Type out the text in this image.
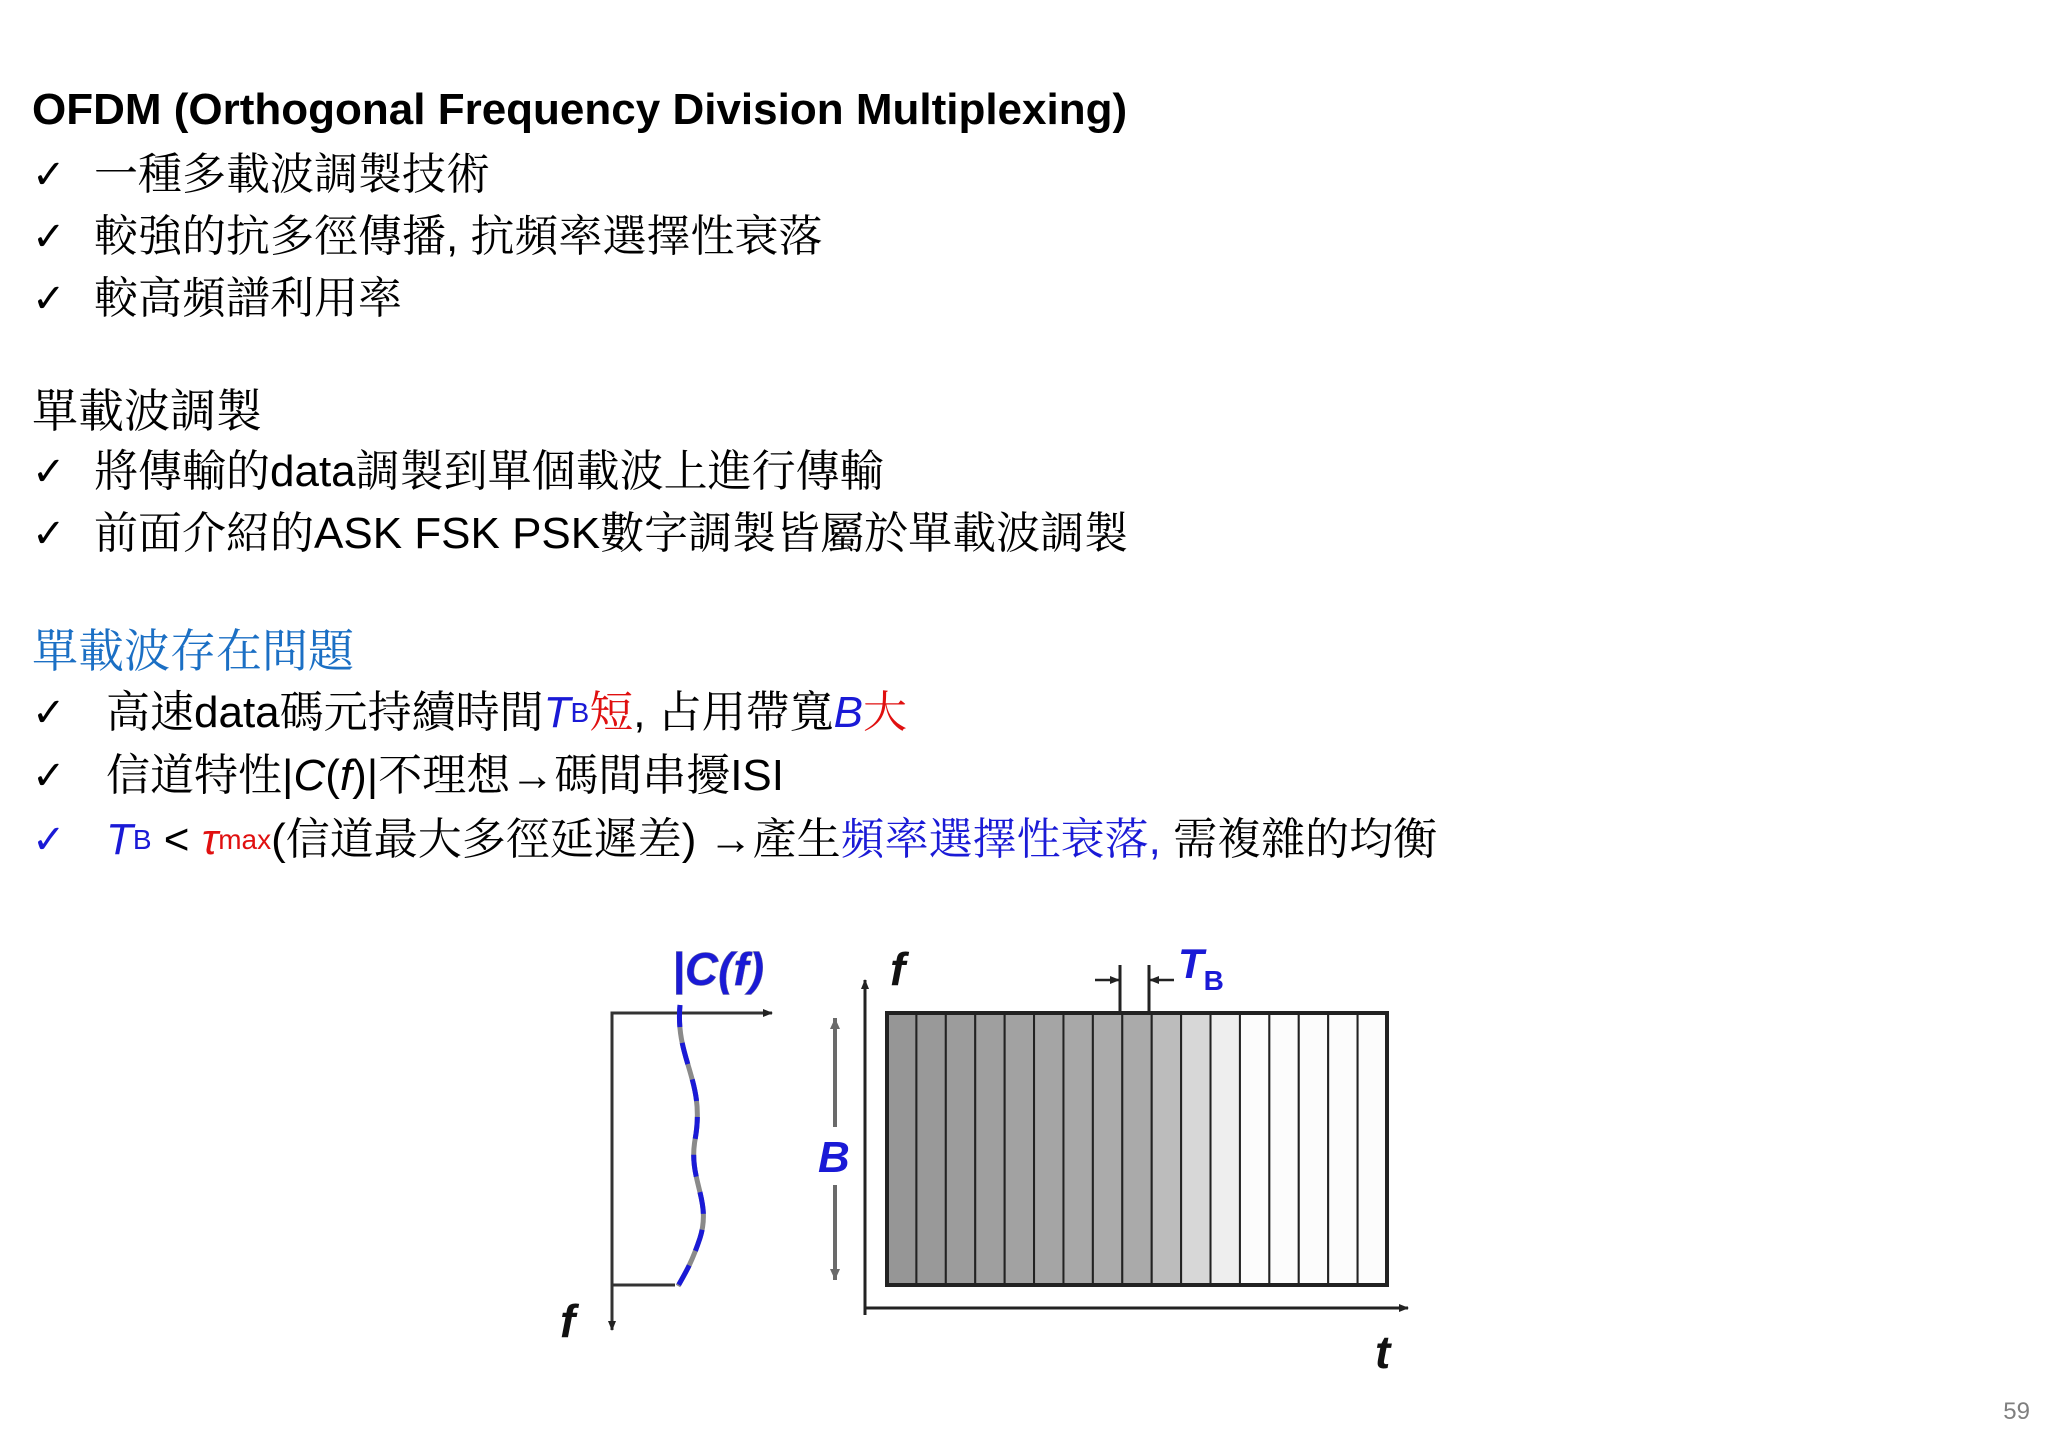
OFDM (Orthogonal Frequency Division Multiplexing)
✓ 一種多載波調製技術
✓ 較強的抗多徑傳播, 抗頻率選擇性衰落
✓ 較高頻譜利用率
單載波調製
✓ 將傳輸的data調製到單個載波上進行傳輸
✓ 前面介紹的ASK FSK PSK數字調製皆屬於單載波調製
單載波存在問題
✓ 高速data碼元持續時間 T B 短 , 占用帶寬 B 大
✓ 信道特性| C ( f )|不理想→碼間串擾ISI
✓ T B < τ max (信道最大多徑延遲差) →產生 頻率選擇性衰落, 需複雜的均衡
|C(f)
f
B
f
t
$T_B$
59
